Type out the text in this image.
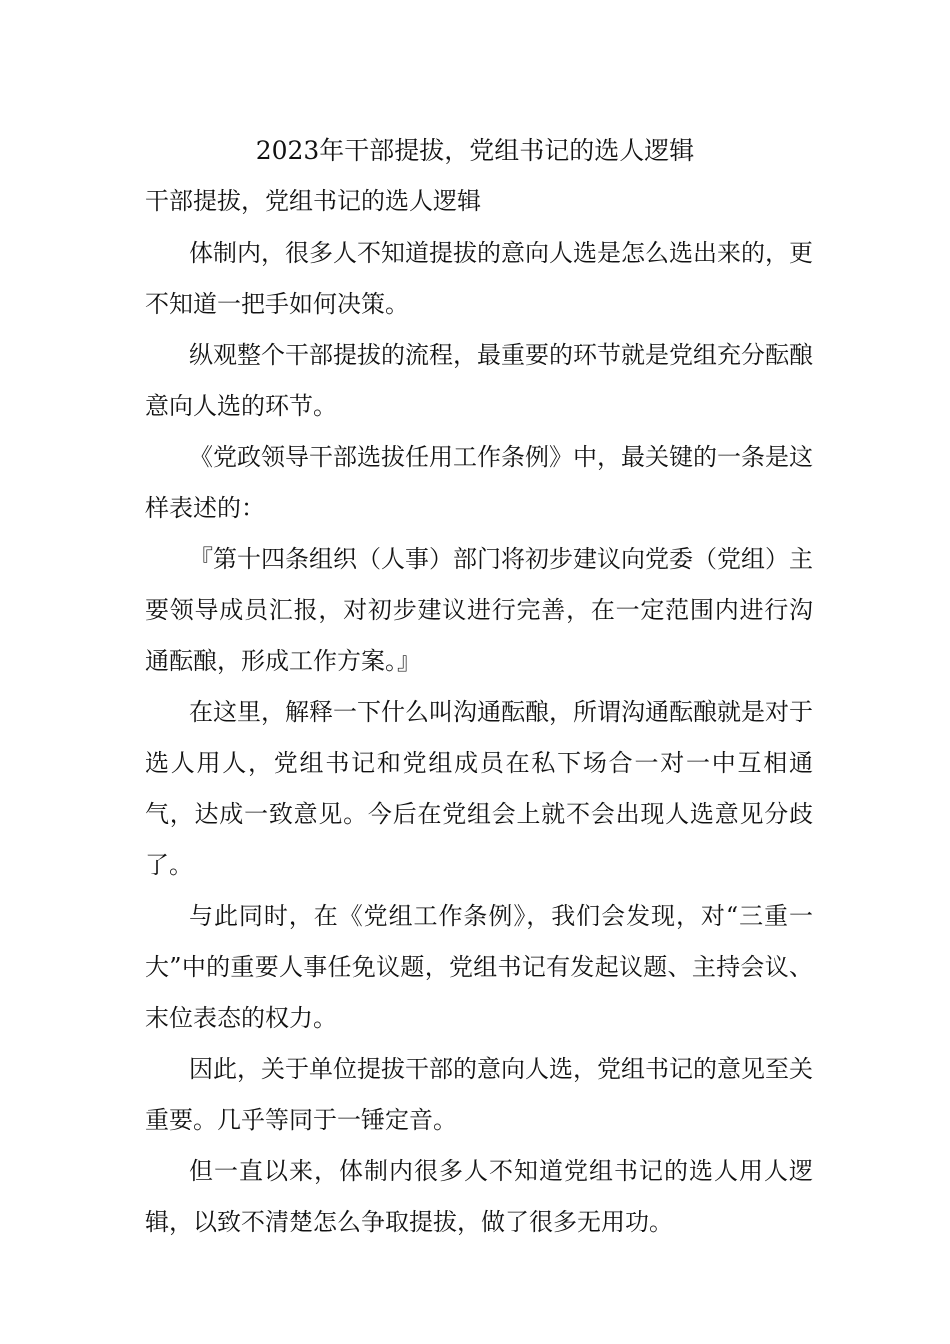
2023年干部提拔，党组书记的选人逻辑
干部提拔，党组书记的选人逻辑

体制内，很多人不知道提拔的意向人选是怎么选出来的，更不知道一把手如何决策。

纵观整个干部提拔的流程，最重要的环节就是党组充分酝酿意向人选的环节。

《党政领导干部选拔任用工作条例》中，最关键的一条是这样表述的：

『第十四条组织（人事）部门将初步建议向党委（党组）主要领导成员汇报，对初步建议进行完善，在一定范围内进行沟通酝酿，形成工作方案。』

在这里，解释一下什么叫沟通酝酿，所谓沟通酝酿就是对于选人用人，党组书记和党组成员在私下场合一对一中互相通气，达成一致意见。今后在党组会上就不会出现人选意见分歧了。

与此同时，在《党组工作条例》，我们会发现，对“三重一大”中的重要人事任免议题，党组书记有发起议题、主持会议、末位表态的权力。

因此，关于单位提拔干部的意向人选，党组书记的意见至关重要。几乎等同于一锤定音。

但一直以来，体制内很多人不知道党组书记的选人用人逻辑，以致不清楚怎么争取提拔，做了很多无用功。
